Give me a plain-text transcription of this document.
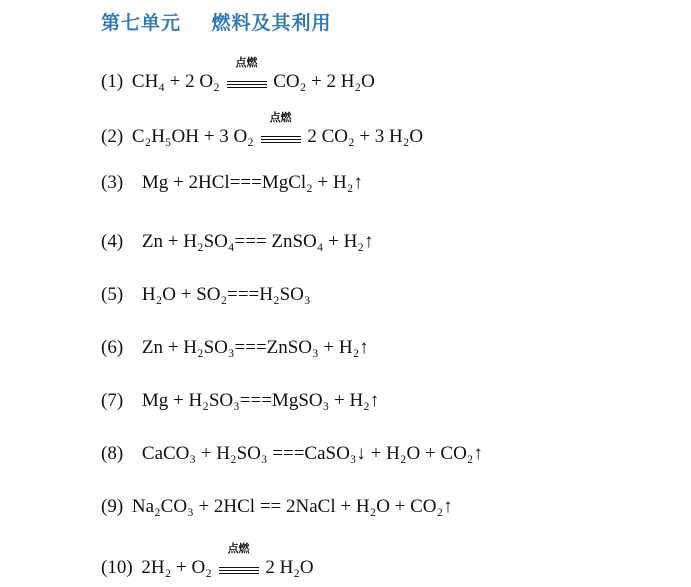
第七单元    燃料及其利用
(1) CH₄ + 2 O₂
点燃
CO₂ + 2 H₂O
(2) C₂H₅OH + 3 O₂
点燃
2 CO₂ + 3 H₂O
(3) Mg + 2HCl===MgCl₂ + H₂↑
(4) Zn + H₂SO₄=== ZnSO₄ + H₂↑
(5) H₂O + SO₂===H₂SO₃
(6) Zn + H₂SO₃===ZnSO₃ + H₂↑
(7) Mg + H₂SO₃===MgSO₃ + H₂↑
(8) CaCO₃ + H₂SO₃ ===CaSO₃↓ + H₂O + CO₂↑
(9) Na₂CO₃ + 2HCl == 2NaCl + H₂O + CO₂↑
(10) 2H₂ + O₂
点燃
2 H₂O
